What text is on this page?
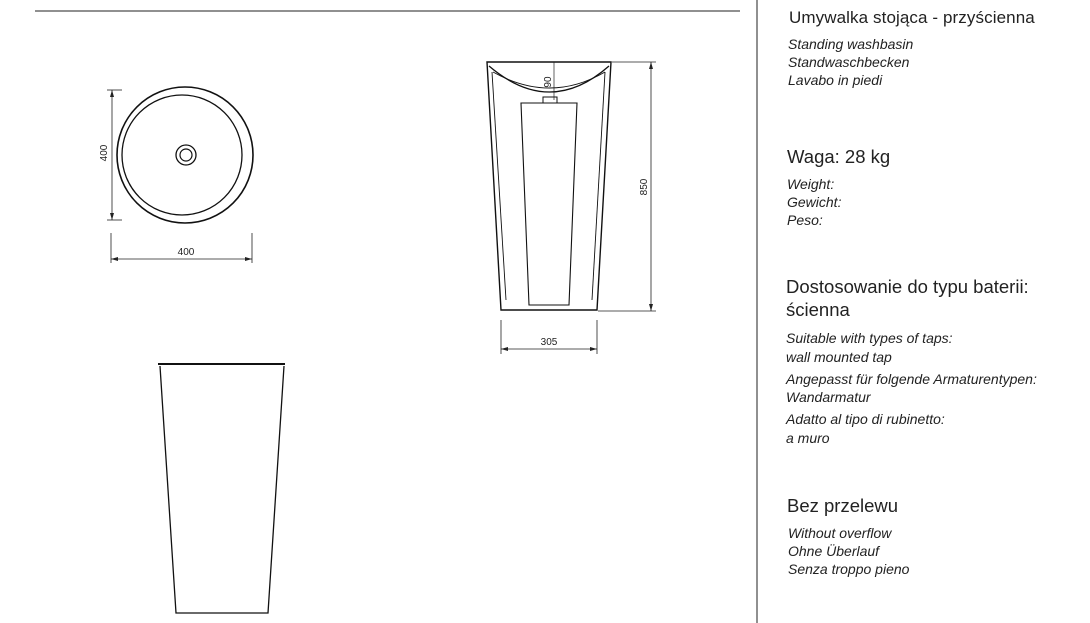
400
400
90
850
305
Umywalka stojąca - przyścienna
Standing washbasin
Standwaschbecken
Lavabo in piedi
Waga: 28 kg
Weight:
Gewicht:
Peso:
Dostosowanie do typu baterii:
ścienna
Suitable with types of taps:
wall mounted tap
Angepasst für folgende Armaturentypen:
Wandarmatur
Adatto al tipo di rubinetto:
a muro
Bez przelewu
Without overflow
Ohne Überlauf
Senza troppo pieno
